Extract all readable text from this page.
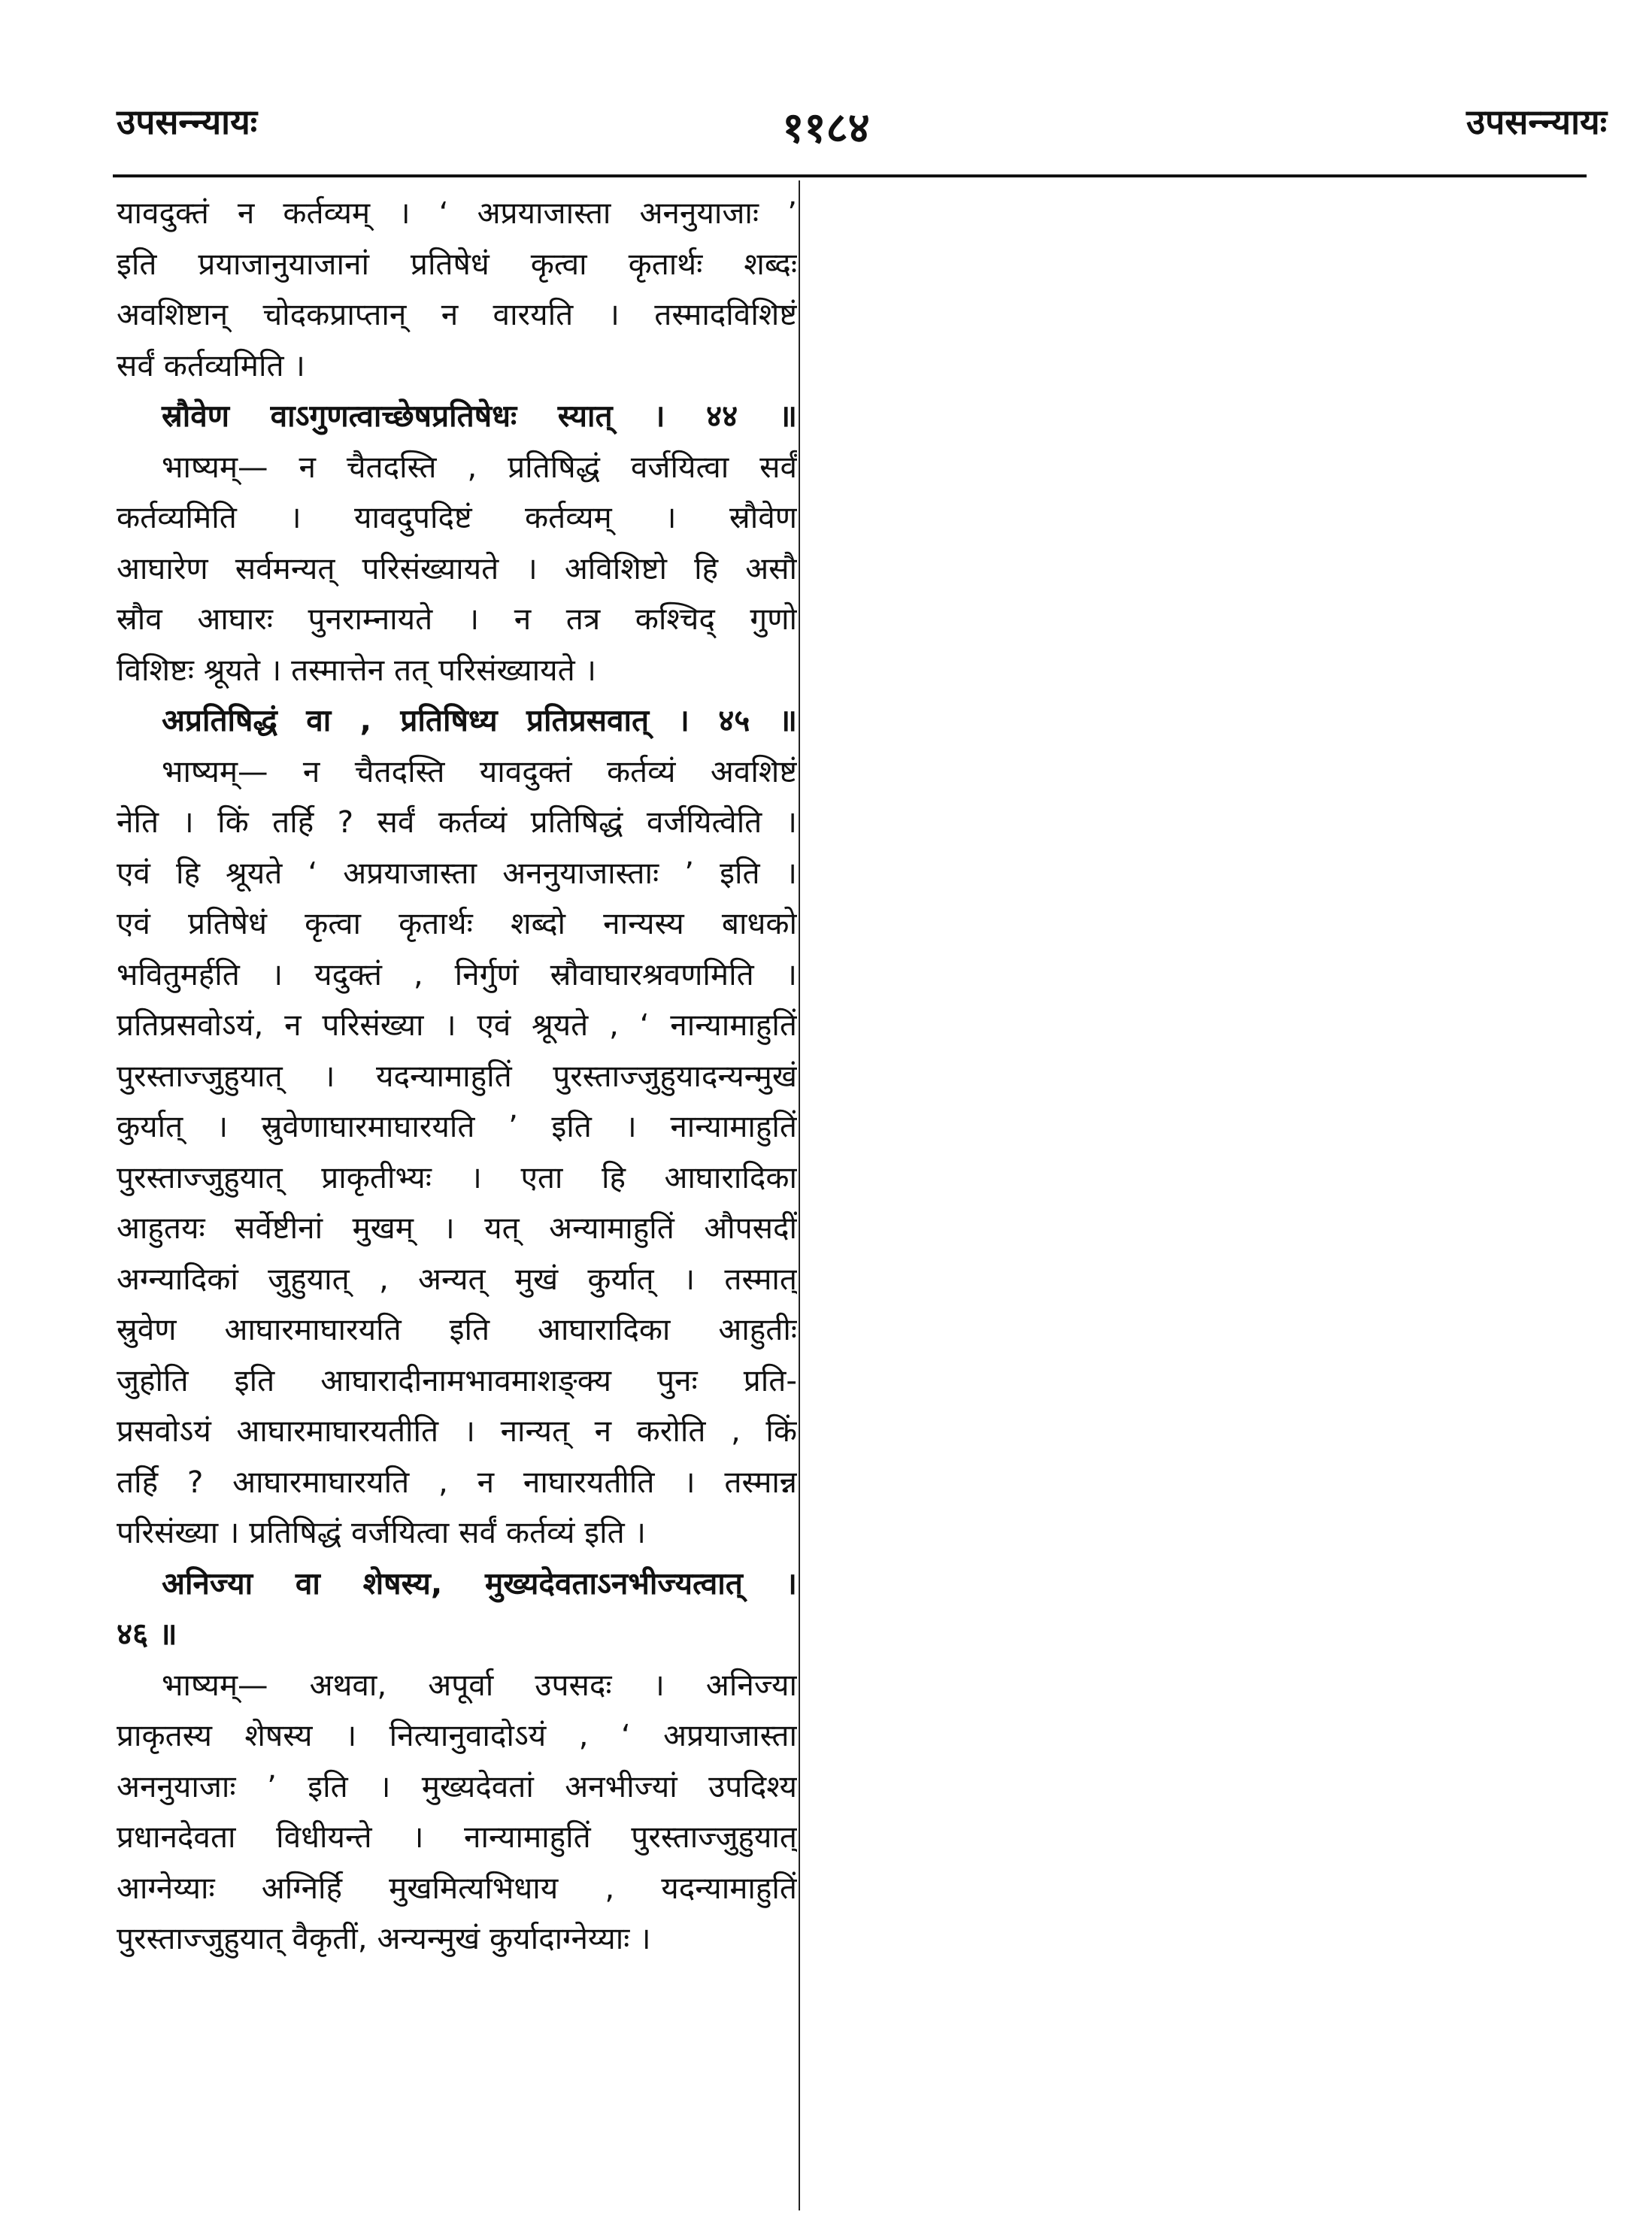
उपसन्न्यायः	११८४	उपसन्न्यायः
यावदुक्तं न कर्तव्यम् । ‘ अप्रयाजास्ता अननुयाजाः ’
इति प्रयाजानुयाजानां प्रतिषेधं कृत्वा कृतार्थः शब्दः
अवशिष्टान् चोदकप्राप्तान् न वारयति । तस्मादविशिष्टं
सर्वं कर्तव्यमिति ।
स्रौवेण वाऽगुणत्वाच्छेषप्रतिषेधः स्यात् । ४४ ॥
भाष्यम्— न चैतदस्ति , प्रतिषिद्धं वर्जयित्वा सर्वं
कर्तव्यमिति । यावदुपदिष्टं कर्तव्यम् । स्रौवेण
आघारेण सर्वमन्यत् परिसंख्यायते । अविशिष्टो हि असौ
स्रौव आघारः पुनराम्नायते । न तत्र कश्चिद् गुणो
विशिष्टः श्रूयते । तस्मात्तेन तत् परिसंख्यायते ।
अप्रतिषिद्धं वा , प्रतिषिध्य प्रतिप्रसवात् । ४५ ॥
भाष्यम्— न चैतदस्ति यावदुक्तं कर्तव्यं अवशिष्टं
नेति । किं तर्हि ? सर्वं कर्तव्यं प्रतिषिद्धं वर्जयित्वेति ।
एवं हि श्रूयते ‘ अप्रयाजास्ता अननुयाजास्ताः ’ इति ।
एवं प्रतिषेधं कृत्वा कृतार्थः शब्दो नान्यस्य बाधको
भवितुमर्हति । यदुक्तं , निर्गुणं स्रौवाघारश्रवणमिति ।
प्रतिप्रसवोऽयं, न परिसंख्या । एवं श्रूयते , ‘ नान्यामाहुतिं
पुरस्ताज्जुहुयात् । यदन्यामाहुतिं पुरस्ताज्जुहुयादन्यन्मुखं
कुर्यात् । स्रुवेणाघारमाघारयति ’ इति । नान्यामाहुतिं
पुरस्ताज्जुहुयात् प्राकृतीभ्यः । एता हि आघारादिका
आहुतयः सर्वेष्टीनां मुखम् । यत् अन्यामाहुतिं औपसदीं
अग्न्यादिकां जुहुयात् , अन्यत् मुखं कुर्यात् । तस्मात्
स्रुवेण आघारमाघारयति इति आघारादिका आहुतीः
जुहोति इति आघारादीनामभावमाशङ्क्य पुनः प्रति-
प्रसवोऽयं आघारमाघारयतीति । नान्यत् न करोति , किं
तर्हि ? आघारमाघारयति , न नाघारयतीति । तस्मान्न
परिसंख्या । प्रतिषिद्धं वर्जयित्वा सर्वं कर्तव्यं इति ।
अनिज्या वा शेषस्य, मुख्यदेवताऽनभीज्यत्वात् ।
४६ ॥
भाष्यम्— अथवा, अपूर्वा उपसदः । अनिज्या
प्राकृतस्य शेषस्य । नित्यानुवादोऽयं , ‘ अप्रयाजास्ता
अननुयाजाः ’ इति । मुख्यदेवतां अनभीज्यां उपदिश्य
प्रधानदेवता विधीयन्ते । नान्यामाहुतिं पुरस्ताज्जुहुयात्
आग्नेय्याः अग्निर्हि मुखमित्यभिधाय , यदन्यामाहुतिं
पुरस्ताज्जुहुयात् वैकृतीं, अन्यन्मुखं कुर्यादाग्नेय्याः ।
